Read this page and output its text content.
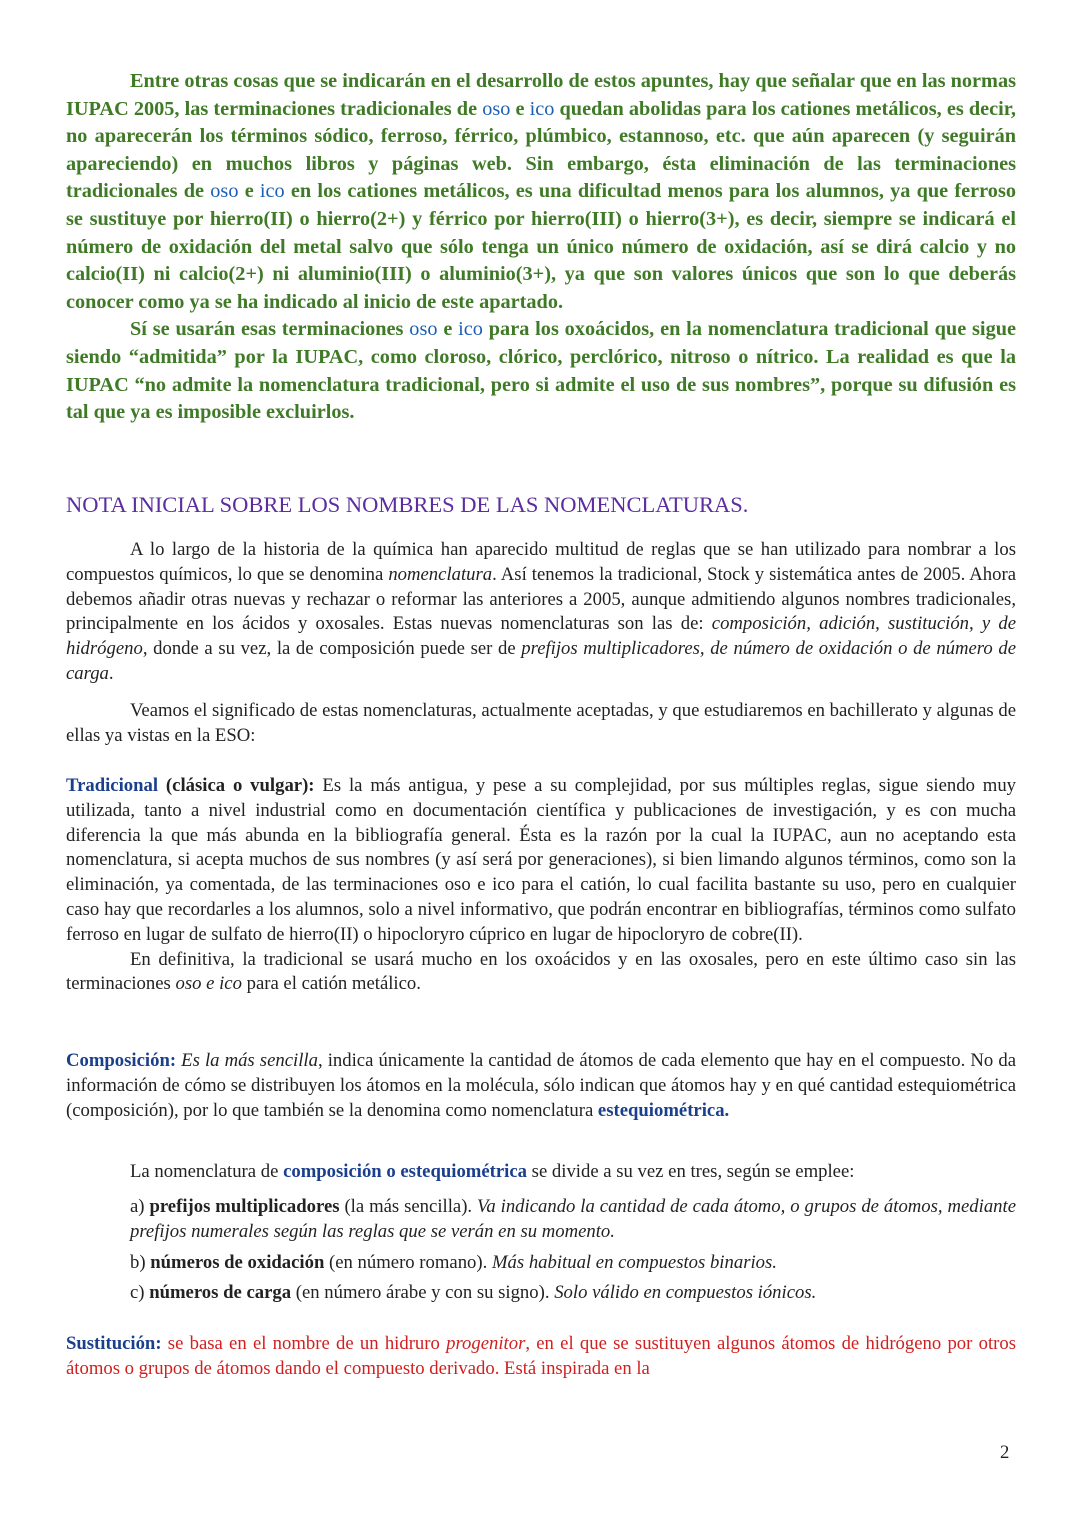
Entre otras cosas que se indicarán en el desarrollo de estos apuntes, hay que señalar que en las normas IUPAC 2005, las terminaciones tradicionales de oso e ico quedan abolidas para los cationes metálicos, es decir, no aparecerán los términos sódico, ferroso, férrico, plúmbico, estannoso, etc. que aún aparecen (y seguirán apareciendo) en muchos libros y páginas web. Sin embargo, ésta eliminación de las terminaciones tradicionales de oso e ico en los cationes metálicos, es una dificultad menos para los alumnos, ya que ferroso se sustituye por hierro(II) o hierro(2+) y férrico por hierro(III) o hierro(3+), es decir, siempre se indicará el número de oxidación del metal salvo que sólo tenga un único número de oxidación, así se dirá calcio y no calcio(II) ni calcio(2+) ni aluminio(III) o aluminio(3+), ya que son valores únicos que son lo que deberás conocer como ya se ha indicado al inicio de este apartado.

Sí se usarán esas terminaciones oso e ico para los oxoácidos, en la nomenclatura tradicional que sigue siendo “admitida” por la IUPAC, como cloroso, clórico, perclórico, nitroso o nítrico. La realidad es que la IUPAC “no admite la nomenclatura tradicional, pero si admite el uso de sus nombres”, porque su difusión es tal que ya es imposible excluirlos.

NOTA INICIAL SOBRE LOS NOMBRES DE LAS NOMENCLATURAS.

A lo largo de la historia de la química han aparecido multitud de reglas que se han utilizado para nombrar a los compuestos químicos, lo que se denomina nomenclatura. Así tenemos la tradicional, Stock y sistemática antes de 2005. Ahora debemos añadir otras nuevas y rechazar o reformar las anteriores a 2005, aunque admitiendo algunos nombres tradicionales, principalmente en los ácidos y oxosales. Estas nuevas nomenclaturas son las de: composición, adición, sustitución, y de hidrógeno, donde a su vez, la de composición puede ser de prefijos multiplicadores, de número de oxidación o de número de carga.

Veamos el significado de estas nomenclaturas, actualmente aceptadas, y que estudiaremos en bachillerato y algunas de ellas ya vistas en la ESO:

Tradicional (clásica o vulgar): Es la más antigua, y pese a su complejidad, por sus múltiples reglas, sigue siendo muy utilizada, tanto a nivel industrial como en documentación científica y publicaciones de investigación, y es con mucha diferencia la que más abunda en la bibliografía general. Ésta es la razón por la cual la IUPAC, aun no aceptando esta nomenclatura, si acepta muchos de sus nombres (y así será por generaciones), si bien limando algunos términos, como son la eliminación, ya comentada, de las terminaciones oso e ico para el catión, lo cual facilita bastante su uso, pero en cualquier caso hay que recordarles a los alumnos, solo a nivel informativo, que podrán encontrar en bibliografías, términos como sulfato ferroso en lugar de sulfato de hierro(II) o hipoclorуro cúprico en lugar de hipoclorуro de cobre(II).

En definitiva, la tradicional se usará mucho en los oxoácidos y en las oxosales, pero en este último caso sin las terminaciones oso e ico para el catión metálico.

Composición: Es la más sencilla, indica únicamente la cantidad de átomos de cada elemento que hay en el compuesto. No da información de cómo se distribuyen los átomos en la molécula, sólo indican que átomos hay y en qué cantidad estequiométrica (composición), por lo que también se la denomina como nomenclatura estequiométrica.

La nomenclatura de composición o estequiométrica se divide a su vez en tres, según se emplee:

a) prefijos multiplicadores (la más sencilla). Va indicando la cantidad de cada átomo, o grupos de átomos, mediante prefijos numerales según las reglas que se verán en su momento.

b) números de oxidación (en número romano). Más habitual en compuestos binarios.

c) números de carga (en número árabe y con su signo). Solo válido en compuestos iónicos.

Sustitución: se basa en el nombre de un hidruro progenitor, en el que se sustituyen algunos átomos de hidrógeno por otros átomos o grupos de átomos dando el compuesto derivado. Está inspirada en la

2
